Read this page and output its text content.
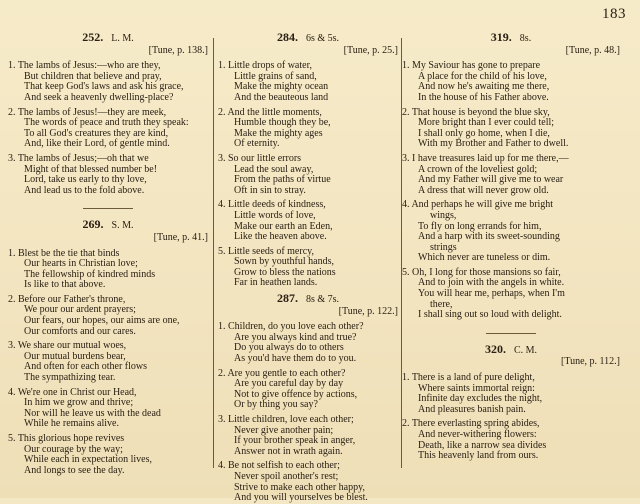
183
252. L. M.
[Tune, p. 138.]
1. The lambs of Jesus:—who are they,
But children that believe and pray,
That keep God's laws and ask his grace,
And seek a heavenly dwelling-place?
2. The lambs of Jesus!—they are meek,
The words of peace and truth they speak:
To all God's creatures they are kind,
And, like their Lord, of gentle mind.
3. The lambs of Jesus;—oh that we
Might of that blessed number be!
Lord, take us early to thy love,
And lead us to the fold above.
269. S. M.
[Tune, p. 41.]
1. Blest be the tie that binds
Our hearts in Christian love;
The fellowship of kindred minds
Is like to that above.
2. Before our Father's throne,
We pour our ardent prayers;
Our fears, our hopes, our aims are one,
Our comforts and our cares.
3. We share our mutual woes,
Our mutual burdens bear,
And often for each other flows
The sympathizing tear.
4. We're one in Christ our Head,
In him we grow and thrive;
Nor will he leave us with the dead
While he remains alive.
5. This glorious hope revives
Our courage by the way;
While each in expectation lives,
And longs to see the day.
284. 6s & 5s.
[Tune, p. 25.]
1. Little drops of water,
Little grains of sand,
Make the mighty ocean
And the beauteous land
2. And the little moments,
Humble though they be,
Make the mighty ages
Of eternity.
3. So our little errors
Lead the soul away,
From the paths of virtue
Oft in sin to stray.
4. Little deeds of kindness,
Little words of love,
Make our earth an Eden,
Like the heaven above.
5. Little seeds of mercy,
Sown by youthful hands,
Grow to bless the nations
Far in heathen lands.
287. 8s & 7s.
[Tune, p. 122.]
1. Children, do you love each other?
Are you always kind and true?
Do you always do to others
As you'd have them do to you.
2. Are you gentle to each other?
Are you careful day by day
Not to give offence by actions,
Or by thing you say?
3. Little children, love each other;
Never give another pain;
If your brother speak in anger,
Answer not in wrath again.
4. Be not selfish to each other;
Never spoil another's rest;
Strive to make each other happy,
And you will yourselves be blest.
319. 8s.
[Tune, p. 48.]
1. My Saviour has gone to prepare
A place for the child of his love,
And now he's awaiting me there,
In the house of his Father above.
2. That house is beyond the blue sky,
More bright than I ever could tell;
I shall only go home, when I die,
With my Brother and Father to dwell.
3. I have treasures laid up for me there,—
A crown of the loveliest gold;
And my Father will give me to wear
A dress that will never grow old.
4. And perhaps he will give me bright
wings,
To fly on long errands for him,
And a harp with its sweet-sounding
strings
Which never are tuneless or dim.
5. Oh, I long for those mansions so fair,
And to join with the angels in white.
You will hear me, perhaps, when I'm
there,
I shall sing out so loud with delight.
320. C. M.
[Tune, p. 112.]
1. There is a land of pure delight,
Where saints immortal reign:
Infinite day excludes the night,
And pleasures banish pain.
2. There everlasting spring abides,
And never-withering flowers:
Death, like a narrow sea divides
This heavenly land from ours.
